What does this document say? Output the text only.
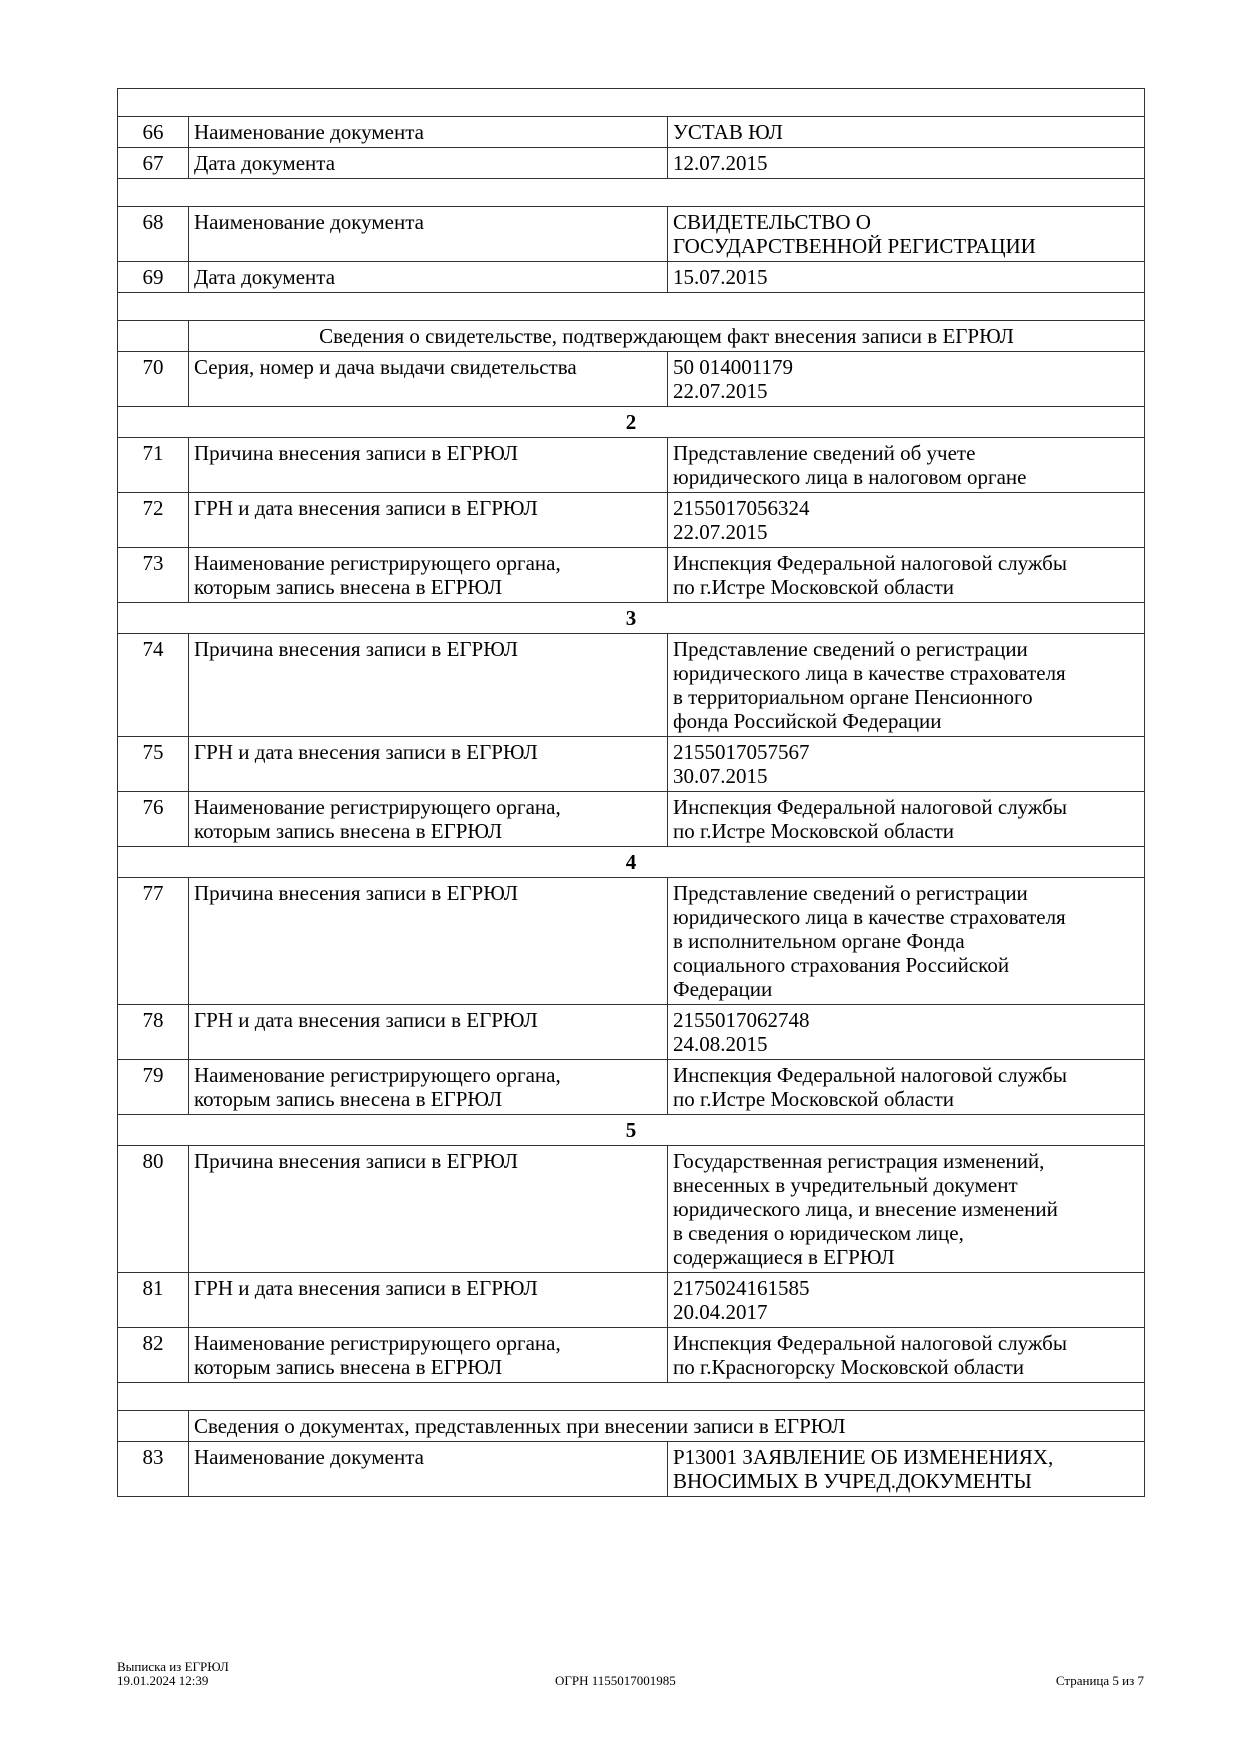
66	Наименование документа	УСТАВ ЮЛ

67	Дата документа	12.07.2015

68	Наименование документа	СВИДЕТЕЛЬСТВО О
ГОСУДАРСТВЕННОЙ РЕГИСТРАЦИИ

69	Дата документа	15.07.2015

	Сведения о свидетельстве, подтверждающем факт внесения записи в ЕГРЮЛ	
70	Серия, номер и дача выдачи свидетельства	50 014001179
22.07.2015

2		
71	Причина внесения записи в ЕГРЮЛ	Представление сведений об учете
юридического лица в налоговом органе

72	ГРН и дата внесения записи в ЕГРЮЛ	2155017056324
22.07.2015

73	Наименование регистрирующего органа,
которым запись внесена в ЕГРЮЛ	Инспекция Федеральной налоговой службы
по г.Истре Московской области

3		
74	Причина внесения записи в ЕГРЮЛ	Представление сведений о регистрации
юридического лица в качестве страхователя
в территориальном органе Пенсионного
фонда Российской Федерации

75	ГРН и дата внесения записи в ЕГРЮЛ	2155017057567
30.07.2015

76	Наименование регистрирующего органа,
которым запись внесена в ЕГРЮЛ	Инспекция Федеральной налоговой службы
по г.Истре Московской области

4		
77	Причина внесения записи в ЕГРЮЛ	Представление сведений о регистрации
юридического лица в качестве страхователя
в исполнительном органе Фонда
социального страхования Российской
Федерации

78	ГРН и дата внесения записи в ЕГРЮЛ	2155017062748
24.08.2015

79	Наименование регистрирующего органа,
которым запись внесена в ЕГРЮЛ	Инспекция Федеральной налоговой службы
по г.Истре Московской области

5		
80	Причина внесения записи в ЕГРЮЛ	Государственная регистрация изменений,
внесенных в учредительный документ
юридического лица, и внесение изменений
в сведения о юридическом лице,
содержащиеся в ЕГРЮЛ

81	ГРН и дата внесения записи в ЕГРЮЛ	2175024161585
20.04.2017

82	Наименование регистрирующего органа,
которым запись внесена в ЕГРЮЛ	Инспекция Федеральной налоговой службы
по г.Красногорску Московской области

	Сведения о документах, представленных при внесении записи в ЕГРЮЛ	
83	Наименование документа	Р13001 ЗАЯВЛЕНИЕ ОБ ИЗМЕНЕНИЯХ,
ВНОСИМЫХ В УЧРЕД.ДОКУМЕНТЫ
Выписка из ЕГРЮЛ
19.01.2024 12:39	ОГРН 1155017001985	Страница 5 из 7
